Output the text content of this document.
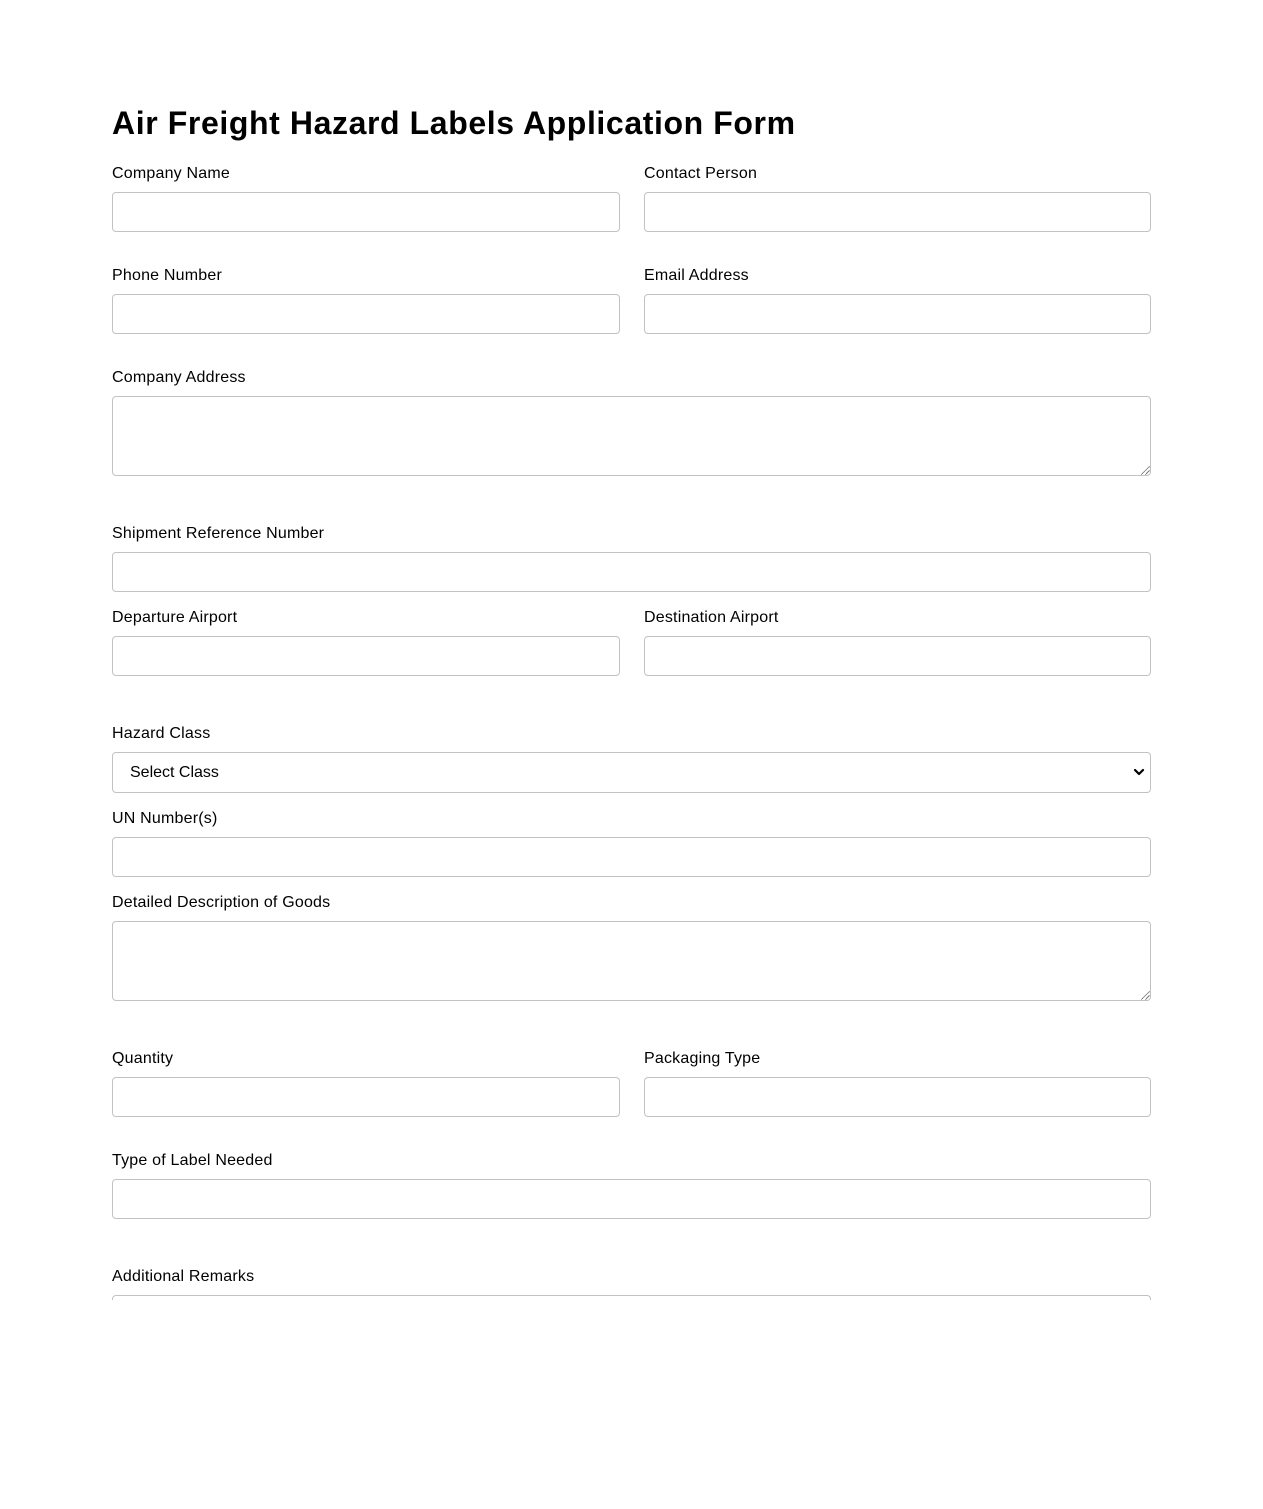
Air Freight Hazard Labels Application Form
Company Name	Contact Person
Phone Number	Email Address
Company Address
Shipment Reference Number
Departure Airport	Destination Airport
Hazard Class
Select Class
UN Number(s)
Detailed Description of Goods
Quantity	Packaging Type
Type of Label Needed
Additional Remarks
